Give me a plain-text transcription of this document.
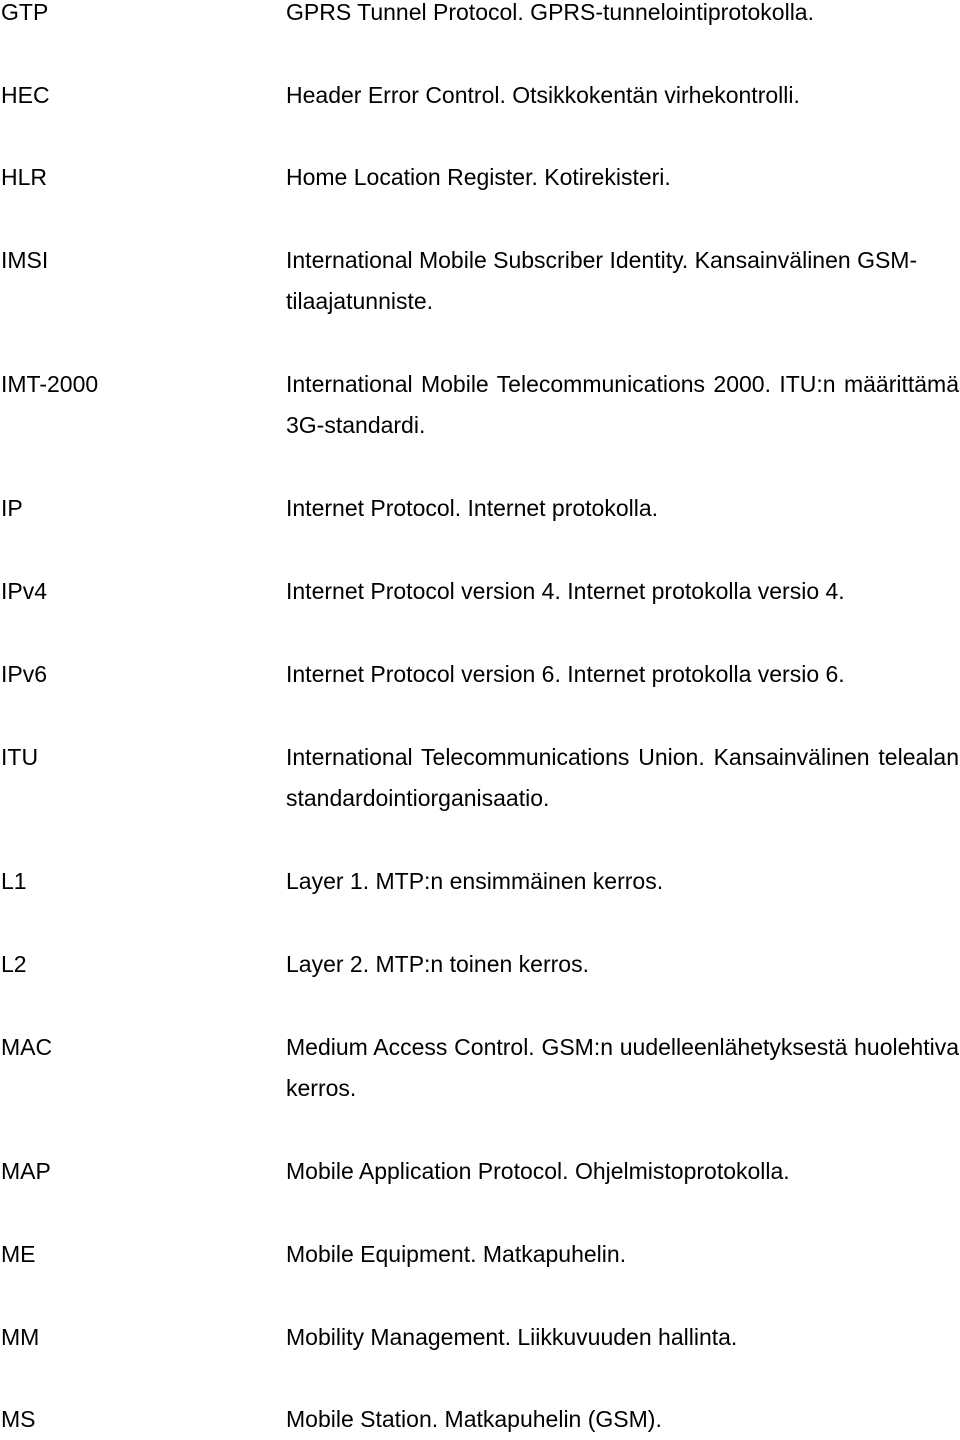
GTP	GPRS Tunnel Protocol. GPRS-tunnelointiprotokolla.
HEC	Header Error Control. Otsikkokentän virhekontrolli.
HLR	Home Location Register. Kotirekisteri.
IMSI	International Mobile Subscriber Identity. Kansainvälinen GSM-tilaajatunniste.
IMT-2000	International Mobile Telecommunications 2000. ITU:n määrittämä 3G-standardi.
IP	Internet Protocol. Internet protokolla.
IPv4	Internet Protocol version 4. Internet protokolla versio 4.
IPv6	Internet Protocol version 6. Internet protokolla versio 6.
ITU	International Telecommunications Union. Kansainvälinen telealan standardointiorganisaatio.
L1	Layer 1. MTP:n ensimmäinen kerros.
L2	Layer 2. MTP:n toinen kerros.
MAC	Medium Access Control. GSM:n uudelleenlähetyksestä huolehtiva kerros.
MAP	Mobile Application Protocol. Ohjelmistoprotokolla.
ME	Mobile Equipment. Matkapuhelin.
MM	Mobility Management. Liikkuvuuden hallinta.
MS	Mobile Station. Matkapuhelin (GSM).
